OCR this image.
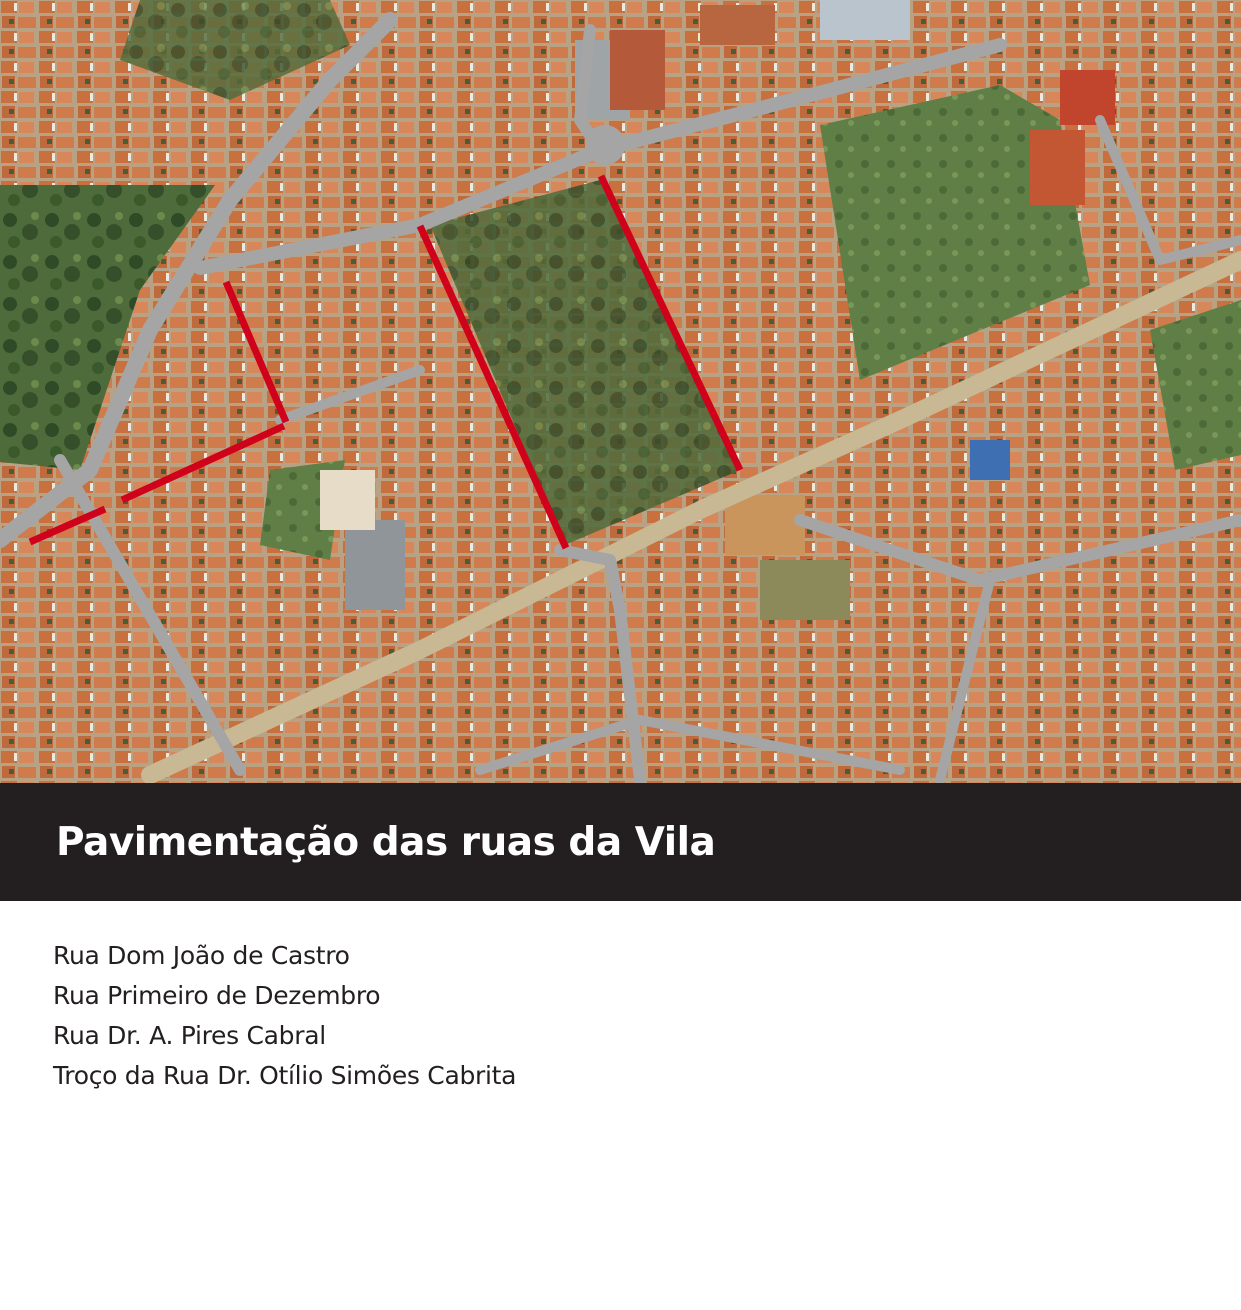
Pavimentação das ruas da Vila
Rua Dom João de Castro
Rua Primeiro de Dezembro
Rua Dr. A. Pires Cabral
Troço da Rua Dr. Otílio Simões Cabrita
